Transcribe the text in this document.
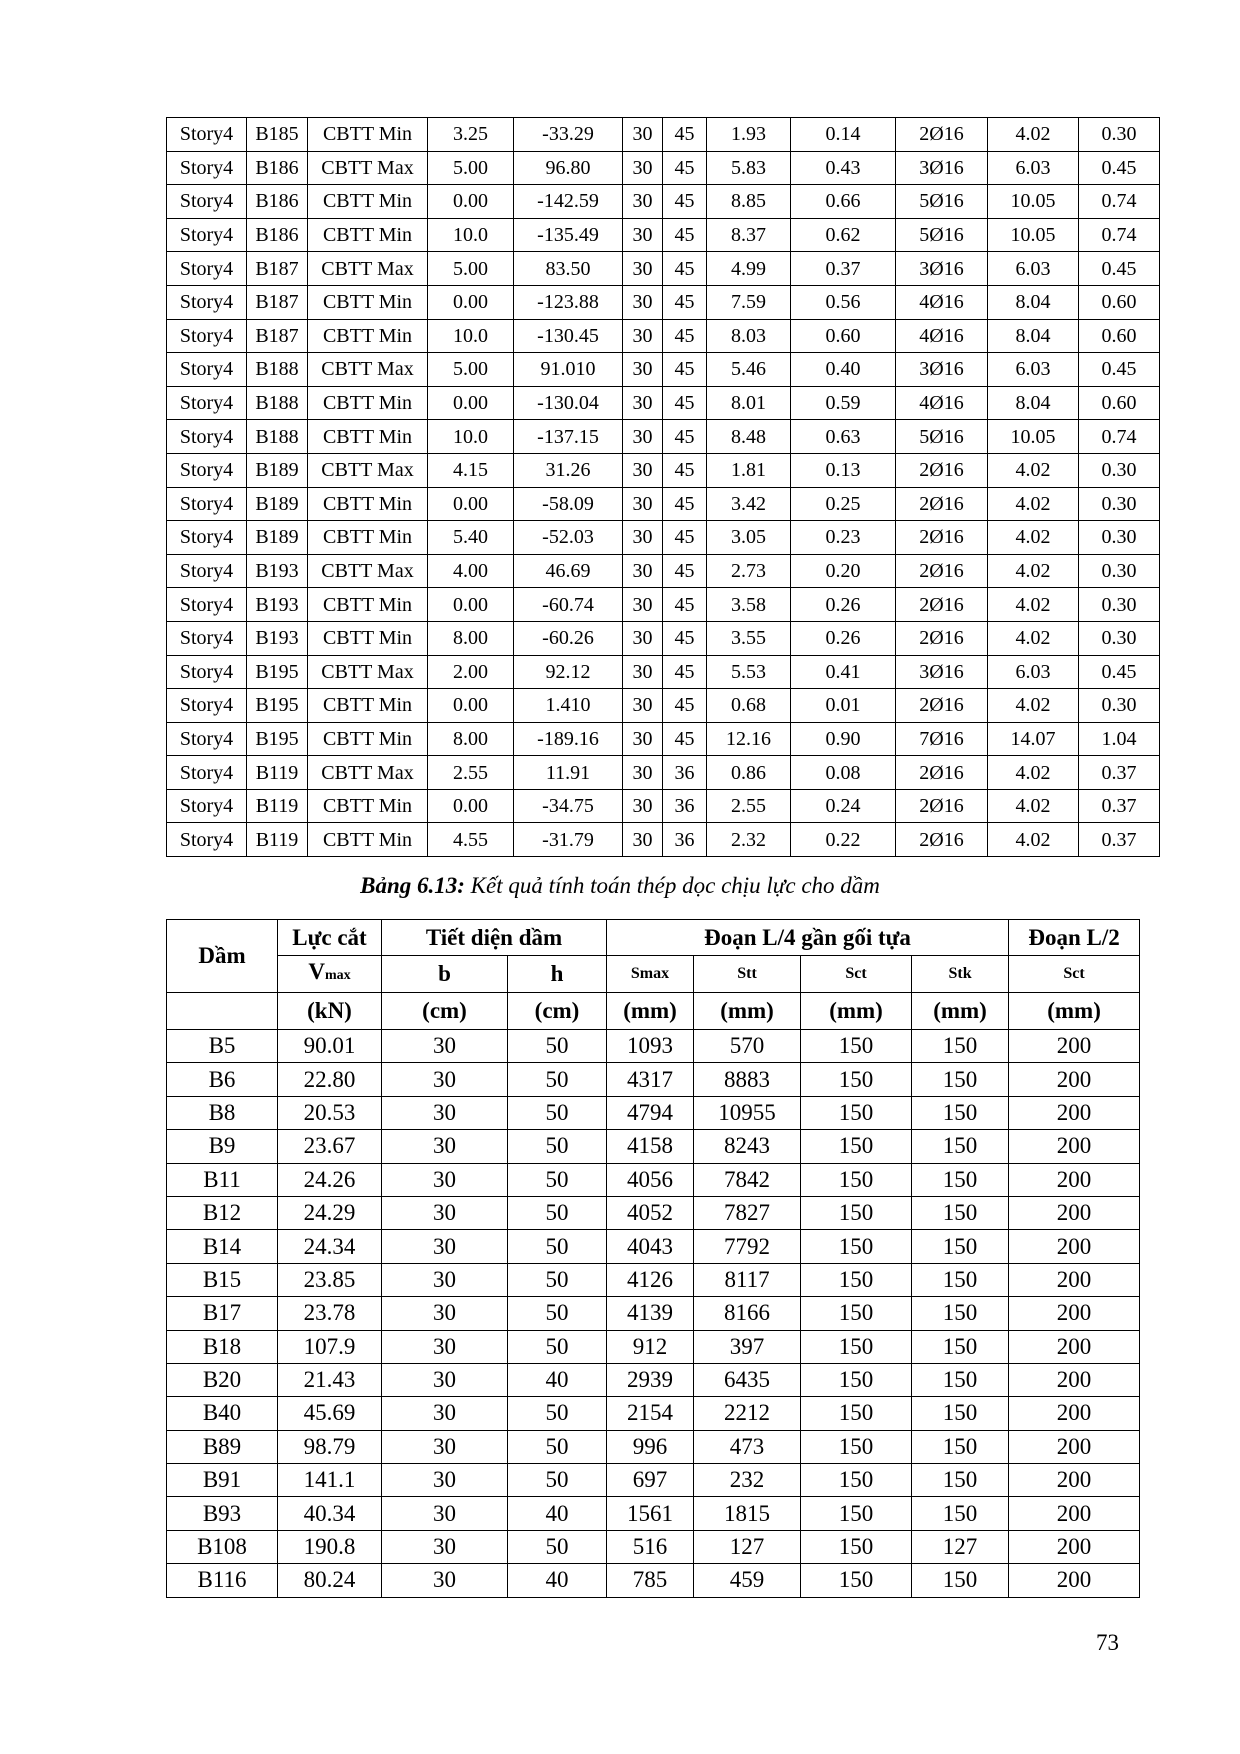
Story4	B185	CBTT Min	3.25	-33.29	30	45	1.93	0.14	2Ø16	4.02	0.30
Story4	B186	CBTT Max	5.00	96.80	30	45	5.83	0.43	3Ø16	6.03	0.45
Story4	B186	CBTT Min	0.00	-142.59	30	45	8.85	0.66	5Ø16	10.05	0.74
Story4	B186	CBTT Min	10.0	-135.49	30	45	8.37	0.62	5Ø16	10.05	0.74
Story4	B187	CBTT Max	5.00	83.50	30	45	4.99	0.37	3Ø16	6.03	0.45
Story4	B187	CBTT Min	0.00	-123.88	30	45	7.59	0.56	4Ø16	8.04	0.60
Story4	B187	CBTT Min	10.0	-130.45	30	45	8.03	0.60	4Ø16	8.04	0.60
Story4	B188	CBTT Max	5.00	91.010	30	45	5.46	0.40	3Ø16	6.03	0.45
Story4	B188	CBTT Min	0.00	-130.04	30	45	8.01	0.59	4Ø16	8.04	0.60
Story4	B188	CBTT Min	10.0	-137.15	30	45	8.48	0.63	5Ø16	10.05	0.74
Story4	B189	CBTT Max	4.15	31.26	30	45	1.81	0.13	2Ø16	4.02	0.30
Story4	B189	CBTT Min	0.00	-58.09	30	45	3.42	0.25	2Ø16	4.02	0.30
Story4	B189	CBTT Min	5.40	-52.03	30	45	3.05	0.23	2Ø16	4.02	0.30
Story4	B193	CBTT Max	4.00	46.69	30	45	2.73	0.20	2Ø16	4.02	0.30
Story4	B193	CBTT Min	0.00	-60.74	30	45	3.58	0.26	2Ø16	4.02	0.30
Story4	B193	CBTT Min	8.00	-60.26	30	45	3.55	0.26	2Ø16	4.02	0.30
Story4	B195	CBTT Max	2.00	92.12	30	45	5.53	0.41	3Ø16	6.03	0.45
Story4	B195	CBTT Min	0.00	1.410	30	45	0.68	0.01	2Ø16	4.02	0.30
Story4	B195	CBTT Min	8.00	-189.16	30	45	12.16	0.90	7Ø16	14.07	1.04
Story4	B119	CBTT Max	2.55	11.91	30	36	0.86	0.08	2Ø16	4.02	0.37
Story4	B119	CBTT Min	0.00	-34.75	30	36	2.55	0.24	2Ø16	4.02	0.37
Story4	B119	CBTT Min	4.55	-31.79	30	36	2.32	0.22	2Ø16	4.02	0.37
Bảng 6.13: Kết quả tính toán thép dọc chịu lực cho dầm
Dầm	Lực cắt	Tiết diện dầm		Đoạn L/4 gần gối tựa				Đoạn L/2
	Vmax	b	h	Smax	Stt	Sct	Stk	Sct
	(kN)	(cm)	(cm)	(mm)	(mm)	(mm)	(mm)	(mm)
B5	90.01	30	50	1093	570	150	150	200
B6	22.80	30	50	4317	8883	150	150	200
B8	20.53	30	50	4794	10955	150	150	200
B9	23.67	30	50	4158	8243	150	150	200
B11	24.26	30	50	4056	7842	150	150	200
B12	24.29	30	50	4052	7827	150	150	200
B14	24.34	30	50	4043	7792	150	150	200
B15	23.85	30	50	4126	8117	150	150	200
B17	23.78	30	50	4139	8166	150	150	200
B18	107.9	30	50	912	397	150	150	200
B20	21.43	30	40	2939	6435	150	150	200
B40	45.69	30	50	2154	2212	150	150	200
B89	98.79	30	50	996	473	150	150	200
B91	141.1	30	50	697	232	150	150	200
B93	40.34	30	40	1561	1815	150	150	200
B108	190.8	30	50	516	127	150	127	200
B116	80.24	30	40	785	459	150	150	200
73
